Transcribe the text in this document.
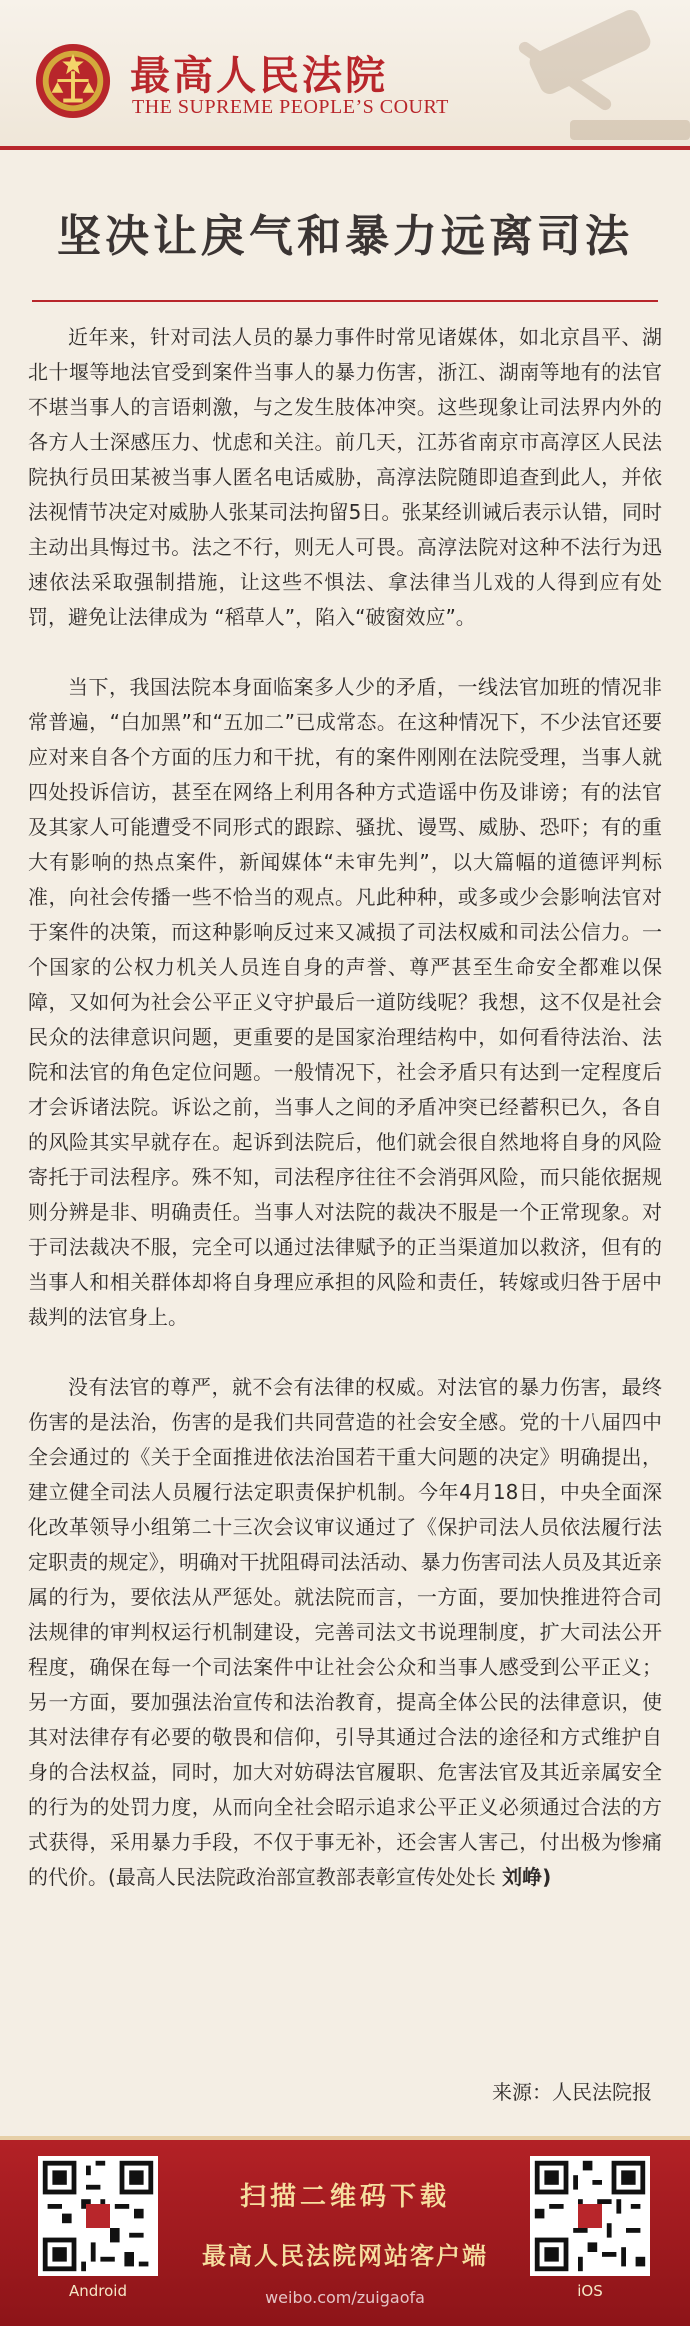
最高人民法院
THE SUPREME PEOPLE’S COURT
坚决让戾气和暴力远离司法

近年来，针对司法人员的暴力事件时常见诸媒体，如北京昌平、湖北十堰等地法官受到案件当事人的暴力伤害，浙江、湖南等地有的法官不堪当事人的言语刺激，与之发生肢体冲突。这些现象让司法界内外的各方人士深感压力、忧虑和关注。前几天，江苏省南京市高淳区人民法院执行员田某被当事人匿名电话威胁，高淳法院随即追查到此人，并依法视情节决定对威胁人张某司法拘留5日。张某经训诫后表示认错，同时主动出具悔过书。法之不行，则无人可畏。高淳法院对这种不法行为迅速依法采取强制措施，让这些不惧法、拿法律当儿戏的人得到应有处罚，避免让法律成为 “稻草人”，陷入“破窗效应”。

当下，我国法院本身面临案多人少的矛盾，一线法官加班的情况非常普遍，“白加黑”和“五加二”已成常态。在这种情况下，不少法官还要应对来自各个方面的压力和干扰，有的案件刚刚在法院受理，当事人就四处投诉信访，甚至在网络上利用各种方式造谣中伤及诽谤；有的法官及其家人可能遭受不同形式的跟踪、骚扰、谩骂、威胁、恐吓；有的重大有影响的热点案件，新闻媒体“未审先判”，以大篇幅的道德评判标准，向社会传播一些不恰当的观点。凡此种种，或多或少会影响法官对于案件的决策，而这种影响反过来又减损了司法权威和司法公信力。一个国家的公权力机关人员连自身的声誉、尊严甚至生命安全都难以保障，又如何为社会公平正义守护最后一道防线呢？我想，这不仅是社会民众的法律意识问题，更重要的是国家治理结构中，如何看待法治、法院和法官的角色定位问题。一般情况下，社会矛盾只有达到一定程度后才会诉诸法院。诉讼之前，当事人之间的矛盾冲突已经蓄积已久，各自的风险其实早就存在。起诉到法院后，他们就会很自然地将自身的风险寄托于司法程序。殊不知，司法程序往往不会消弭风险，而只能依据规则分辨是非、明确责任。当事人对法院的裁决不服是一个正常现象。对于司法裁决不服，完全可以通过法律赋予的正当渠道加以救济，但有的当事人和相关群体却将自身理应承担的风险和责任，转嫁或归咎于居中裁判的法官身上。

没有法官的尊严，就不会有法律的权威。对法官的暴力伤害，最终伤害的是法治，伤害的是我们共同营造的社会安全感。党的十八届四中全会通过的《关于全面推进依法治国若干重大问题的决定》明确提出，建立健全司法人员履行法定职责保护机制。今年4月18日，中央全面深化改革领导小组第二十三次会议审议通过了《保护司法人员依法履行法定职责的规定》，明确对干扰阻碍司法活动、暴力伤害司法人员及其近亲属的行为，要依法从严惩处。就法院而言，一方面，要加快推进符合司法规律的审判权运行机制建设，完善司法文书说理制度，扩大司法公开程度，确保在每一个司法案件中让社会公众和当事人感受到公平正义；另一方面，要加强法治宣传和法治教育，提高全体公民的法律意识，使其对法律存有必要的敬畏和信仰，引导其通过合法的途径和方式维护自身的合法权益，同时，加大对妨碍法官履职、危害法官及其近亲属安全的行为的处罚力度，从而向全社会昭示追求公平正义必须通过合法的方式获得，采用暴力手段，不仅于事无补，还会害人害己，付出极为惨痛的代价。(最高人民法院政治部宣教部表彰宣传处处长 刘峥)

来源：人民法院报
Android
扫描二维码下载
最高人民法院网站客户端
weibo.com/zuigaofa	iOS
